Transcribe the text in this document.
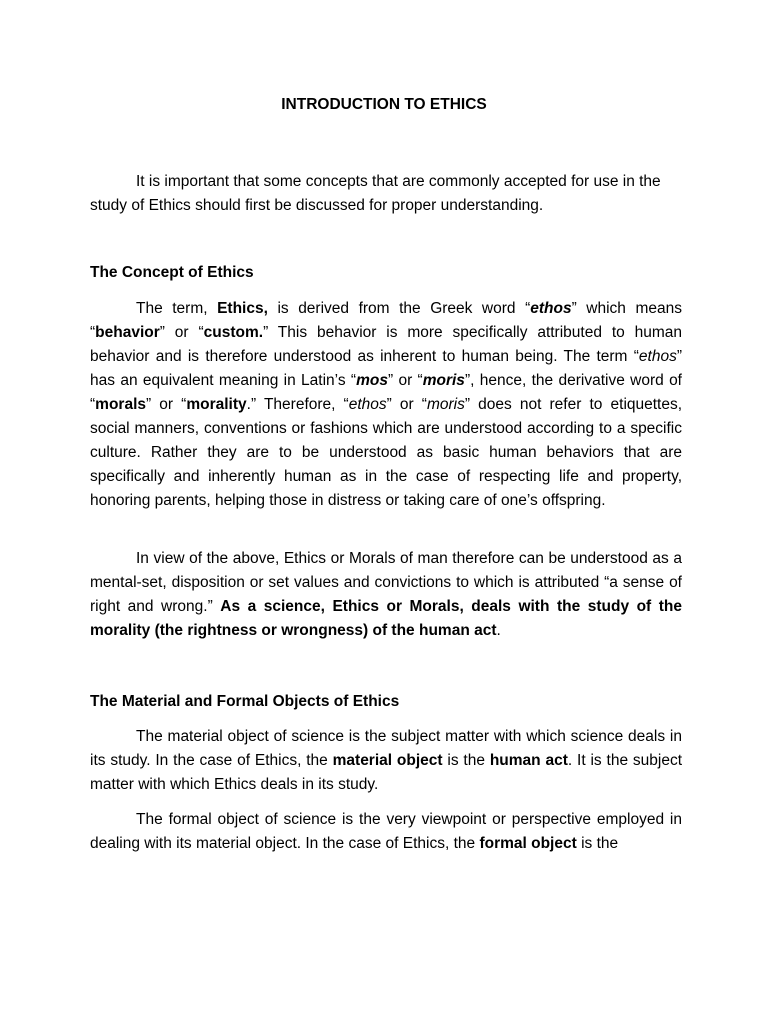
INTRODUCTION TO ETHICS

It is important that some concepts that are commonly accepted for use in the study of Ethics should first be discussed for proper understanding.

The Concept of Ethics

The term, Ethics, is derived from the Greek word “ethos” which means “behavior” or “custom.” This behavior is more specifically attributed to human behavior and is therefore understood as inherent to human being. The term “ethos” has an equivalent meaning in Latin’s “mos” or “moris”, hence, the derivative word of “morals” or “morality.” Therefore, “ethos” or “moris” does not refer to etiquettes, social manners, conventions or fashions which are understood according to a specific culture. Rather they are to be understood as basic human behaviors that are specifically and inherently human as in the case of respecting life and property, honoring parents, helping those in distress or taking care of one’s offspring.

In view of the above, Ethics or Morals of man therefore can be understood as a mental-set, disposition or set values and convictions to which is attributed “a sense of right and wrong.” As a science, Ethics or Morals, deals with the study of the morality (the rightness or wrongness) of the human act.

The Material and Formal Objects of Ethics

The material object of science is the subject matter with which science deals in its study. In the case of Ethics, the material object is the human act. It is the subject matter with which Ethics deals in its study.

The formal object of science is the very viewpoint or perspective employed in dealing with its material object. In the case of Ethics, the formal object is the
